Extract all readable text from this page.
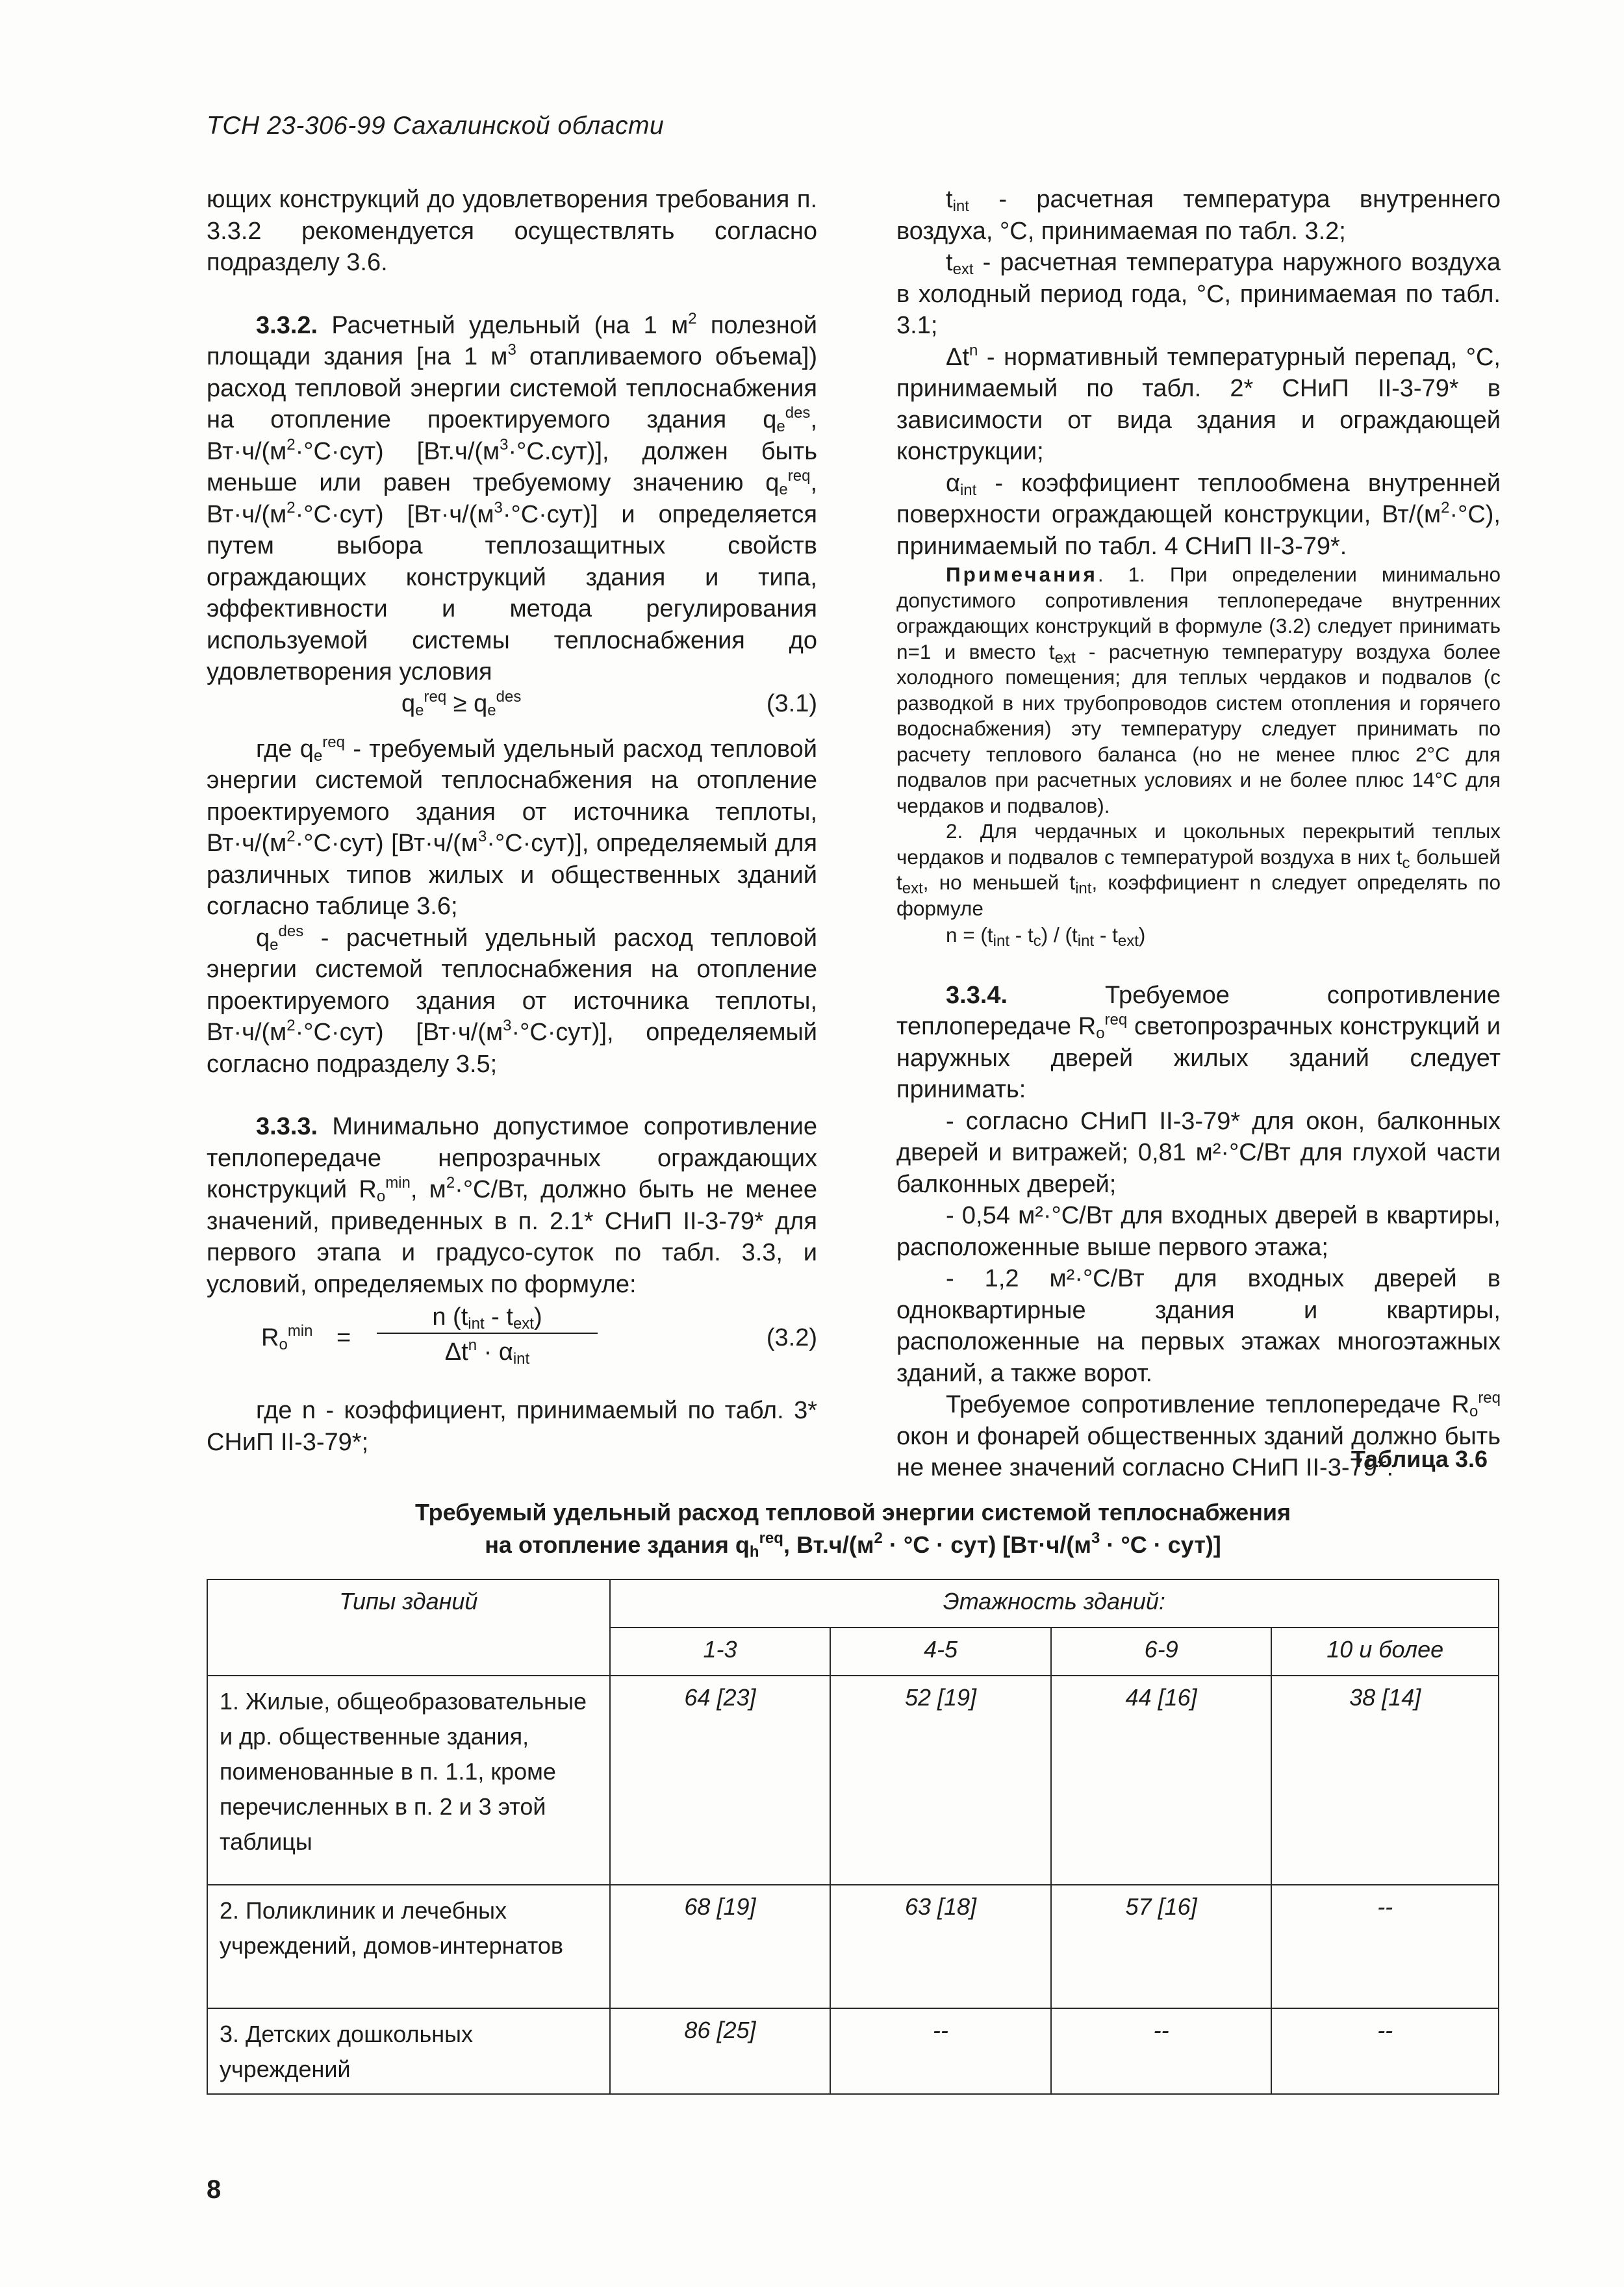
ТСН 23-306-99 Сахалинской области

ющих конструкций до удовлетворения требования п. 3.3.2 рекомендуется осуществлять согласно подразделу 3.6.

3.3.2. Расчетный удельный (на 1 $м^2$ полезной площади здания [на 1 $м^3$ отапливаемого объема]) расход тепловой энергии системой теплоснабжения на отопление проектируемого здания $q_e^{des}$, $Вт\cdot ч/(м^2\cdot^\circ С\cdot сут)$ $[Вт.ч/(м^3\cdot^\circ С.сут)]$, должен быть меньше или равен требуемому значению $q_e^{req}$, $Вт\cdot ч/(м^2\cdot^\circ С\cdot сут)$ $[Вт\cdot ч/(м^3\cdot^\circ С\cdot сут)]$ и определяется путем выбора теплозащитных свойств ограждающих конструкций здания и типа, эффективности и метода регулирования используемой системы теплоснабжения до удовлетворения условия

$q_e^{req} \ge q_e^{des}$	(3.1)

где $q_e^{req}$ - требуемый удельный расход тепловой энергии системой теплоснабжения на отопление проектируемого здания от источника теплоты, $Вт\cdot ч/(м^2\cdot^\circ С\cdot сут)$ $[Вт\cdot ч/(м^3\cdot^\circ С\cdot сут)]$, определяемый для различных типов жилых и общественных зданий согласно таблице 3.6;

$q_e^{des}$ - расчетный удельный расход тепловой энергии системой теплоснабжения на отопление проектируемого здания от источника теплоты, $Вт\cdot ч/(м^2\cdot^\circ С\cdot сут)$ $[Вт\cdot ч/(м^3\cdot^\circ С\cdot сут)]$, определяемый согласно подразделу 3.5;

3.3.3. Минимально допустимое сопротивление теплопередаче непрозрачных ограждающих конструкций $R_o^{min}$, $м^2\cdot^\circ С/Вт$, должно быть не менее значений, приведенных в п. 2.1* СНиП II-3-79* для первого этапа и градусо-суток по табл. 3.3, и условий, определяемых по формуле:

$R_o^{min}$ =
n $(t_{int} - t_{ext})$
$\Delta t^n \cdot \alpha_{int}$
(3.2)

где n - коэффициент, принимаемый по табл. 3* СНиП II-3-79*;

$t_{int}$ - расчетная температура внутреннего воздуха, °С, принимаемая по табл. 3.2;

$t_{ext}$ - расчетная температура наружного воздуха в холодный период года, °С, принимаемая по табл. 3.1;

$\Delta t^n$ - нормативный температурный перепад, °С, принимаемый по табл. 2* СНиП II-3-79* в зависимости от вида здания и ограждающей конструкции;

$\alpha_{int}$ - коэффициент теплообмена внутренней поверхности ограждающей конструкции, $Вт/(м^2\cdot^\circ С)$, принимаемый по табл. 4 СНиП II-3-79*.

Примечания. 1. При определении минимально допустимого сопротивления теплопередаче внутренних ограждающих конструкций в формуле (3.2) следует принимать n=1 и вместо $t_{ext}$ - расчетную температуру воздуха более холодного помещения; для теплых чердаков и подвалов (с разводкой в них трубопроводов систем отопления и горячего водоснабжения) эту температуру следует принимать по расчету теплового баланса (но не менее плюс 2°С для подвалов при расчетных условиях и не более плюс 14°С для чердаков и подвалов).

2. Для чердачных и цокольных перекрытий теплых чердаков и подвалов с температурой воздуха в них $t_c$ большей $t_{ext}$, но меньшей $t_{int}$, коэффициент n следует определять по формуле

$n = (t_{int} - t_c) / (t_{int} - t_{ext})$

3.3.4. Требуемое сопротивление теплопередаче $R_o^{req}$ светопрозрачных конструкций и наружных дверей жилых зданий следует принимать:

- согласно СНиП II-3-79* для окон, балконных дверей и витражей; 0,81 м²·°С/Вт для глухой части балконных дверей;

- 0,54 м²·°С/Вт для входных дверей в квартиры, расположенные выше первого этажа;

- 1,2 м²·°С/Вт для входных дверей в одноквартирные здания и квартиры, расположенные на первых этажах многоэтажных зданий, а также ворот.

Требуемое сопротивление теплопередаче $R_o^{req}$ окон и фонарей общественных зданий должно быть не менее значений согласно СНиП II-3-79*.

Таблица 3.6
Требуемый удельный расход тепловой энергии системой теплоснабжения
на отопление здания $q_h^{req}$, $Вт.ч/(м^2 \cdot ^\circ С \cdot сут) [Вт\cdot ч/(м^3 \cdot ^\circ С \cdot сут)]$
Типы зданий	Этажность зданий:			
	1-3	4-5	6-9	10 и более
1. Жилые, общеобразовательные и др. общественные здания, поименованные в п. 1.1, кроме перечисленных в п. 2 и 3 этой таблицы	64 [23]	52 [19]	44 [16]	38 [14]
2. Поликлиник и лечебных учреждений, домов-интернатов	68 [19]	63 [18]	57 [16]	--
3. Детских дошкольных учреждений	86 [25]	--	--	--
8
